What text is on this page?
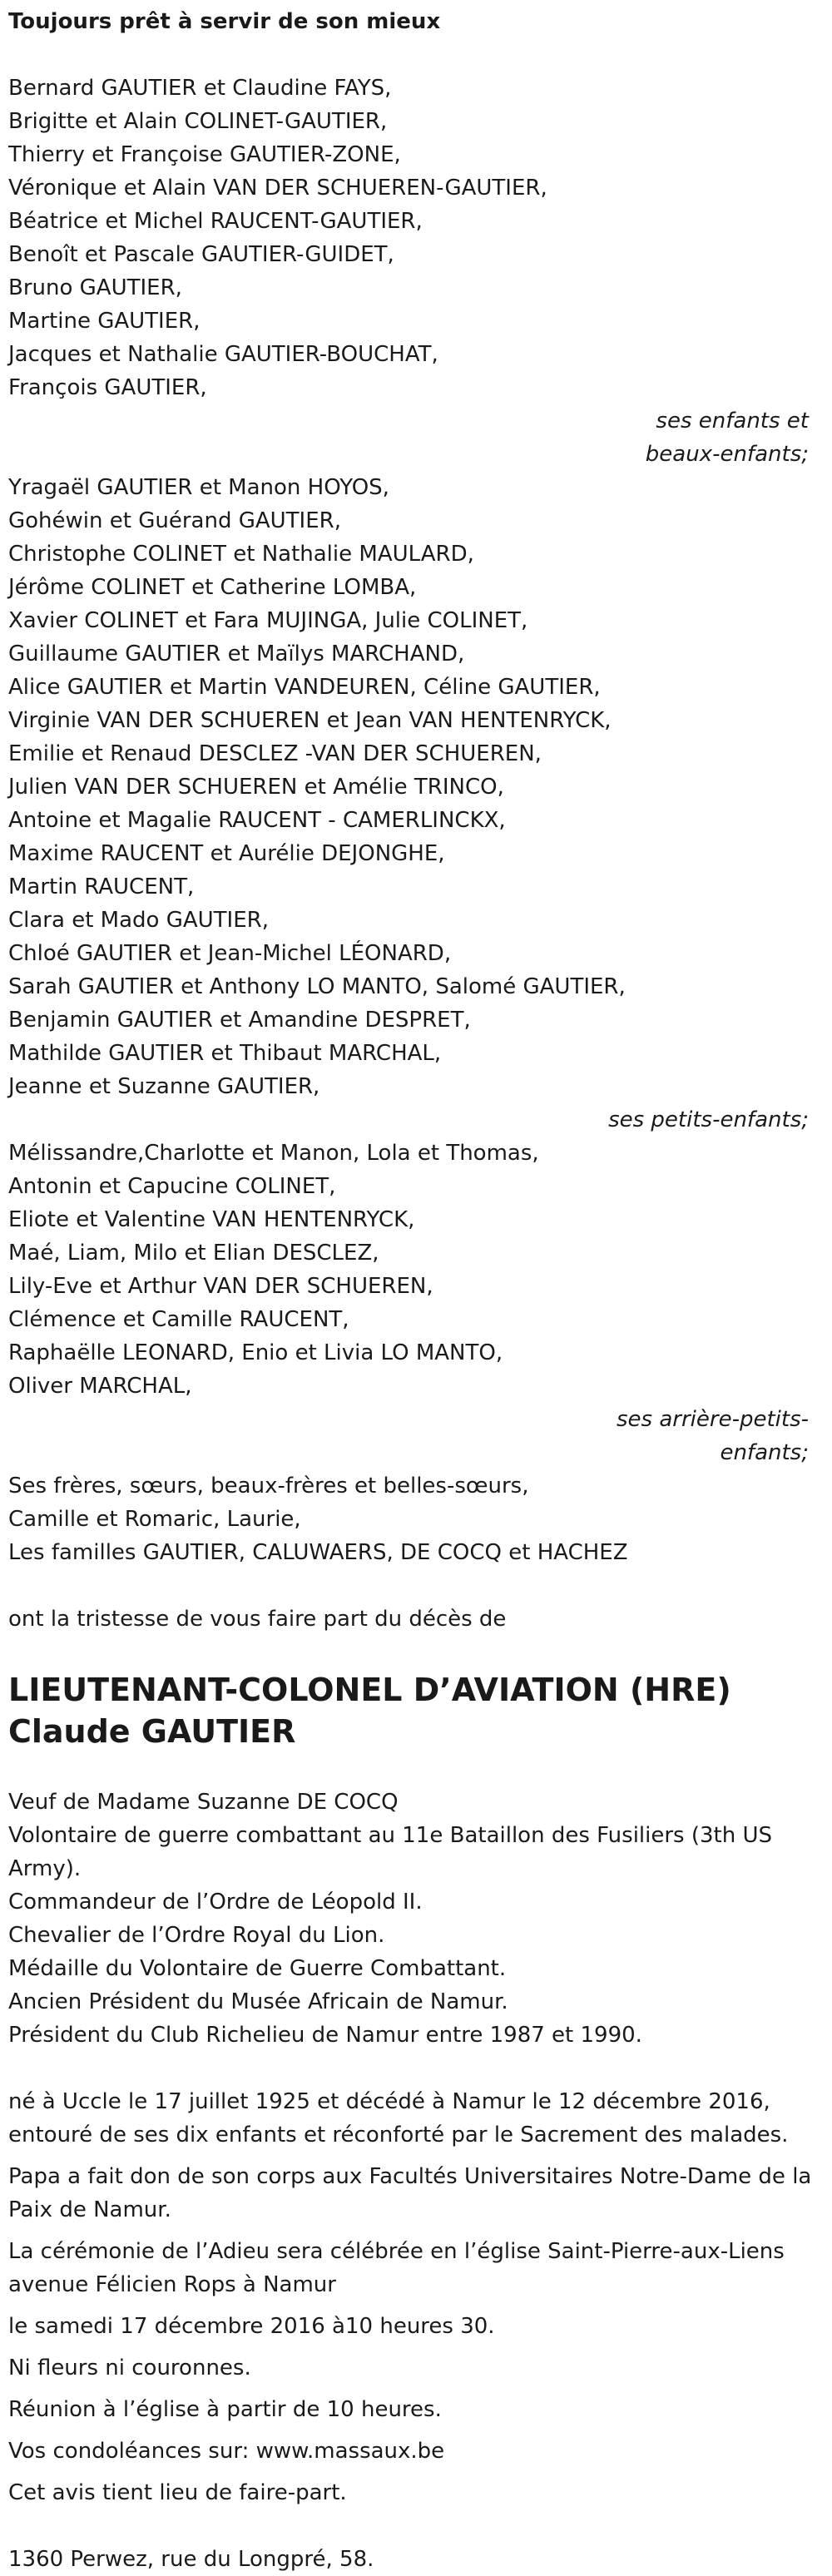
Toujours prêt à servir de son mieux
Bernard GAUTIER et Claudine FAYS,
Brigitte et Alain COLINET-GAUTIER,
Thierry et Françoise GAUTIER-ZONE,
Véronique et Alain VAN DER SCHUEREN-GAUTIER,
Béatrice et Michel RAUCENT-GAUTIER,
Benoît et Pascale GAUTIER-GUIDET,
Bruno GAUTIER,
Martine GAUTIER,
Jacques et Nathalie GAUTIER-BOUCHAT,
François GAUTIER,
ses enfants et
beaux-enfants;
Yragaël GAUTIER et Manon HOYOS,
Gohéwin et Guérand GAUTIER,
Christophe COLINET et Nathalie MAULARD,
Jérôme COLINET et Catherine LOMBA,
Xavier COLINET et Fara MUJINGA, Julie COLINET,
Guillaume GAUTIER et Maïlys MARCHAND,
Alice GAUTIER et Martin VANDEUREN, Céline GAUTIER,
Virginie VAN DER SCHUEREN et Jean VAN HENTENRYCK,
Emilie et Renaud DESCLEZ -VAN DER SCHUEREN,
Julien VAN DER SCHUEREN et Amélie TRINCO,
Antoine et Magalie RAUCENT - CAMERLINCKX,
Maxime RAUCENT et Aurélie DEJONGHE,
Martin RAUCENT,
Clara et Mado GAUTIER,
Chloé GAUTIER et Jean-Michel LÉONARD,
Sarah GAUTIER et Anthony LO MANTO, Salomé GAUTIER,
Benjamin GAUTIER et Amandine DESPRET,
Mathilde GAUTIER et Thibaut MARCHAL,
Jeanne et Suzanne GAUTIER,
ses petits-enfants;
Mélissandre,Charlotte et Manon, Lola et Thomas,
Antonin et Capucine COLINET,
Eliote et Valentine VAN HENTENRYCK,
Maé, Liam, Milo et Elian DESCLEZ,
Lily-Eve et Arthur VAN DER SCHUEREN,
Clémence et Camille RAUCENT,
Raphaëlle LEONARD, Enio et Livia LO MANTO,
Oliver MARCHAL,
ses arrière-petits-
enfants;
Ses frères, sœurs, beaux-frères et belles-sœurs,
Camille et Romaric, Laurie,
Les familles GAUTIER, CALUWAERS, DE COCQ et HACHEZ
ont la tristesse de vous faire part du décès de
LIEUTENANT-COLONEL D’AVIATION (HRE) Claude GAUTIER
Veuf de Madame Suzanne DE COCQ
Volontaire de guerre combattant au 11e Bataillon des Fusiliers (3th US Army).
Commandeur de l’Ordre de Léopold II.
Chevalier de l’Ordre Royal du Lion.
Médaille du Volontaire de Guerre Combattant.
Ancien Président du Musée Africain de Namur.
Président du Club Richelieu de Namur entre 1987 et 1990.
né à Uccle le 17 juillet 1925 et décédé à Namur le 12 décembre 2016, entouré de ses dix enfants et réconforté par le Sacrement des malades.
Papa a fait don de son corps aux Facultés Universitaires Notre-Dame de la Paix de Namur.
La cérémonie de l’Adieu sera célébrée en l’église Saint-Pierre-aux-Liens avenue Félicien Rops à Namur
le samedi 17 décembre 2016 à10 heures 30.
Ni fleurs ni couronnes.
Réunion à l’église à partir de 10 heures.
Vos condoléances sur: www.massaux.be
Cet avis tient lieu de faire-part.
1360 Perwez, rue du Longpré, 58.
